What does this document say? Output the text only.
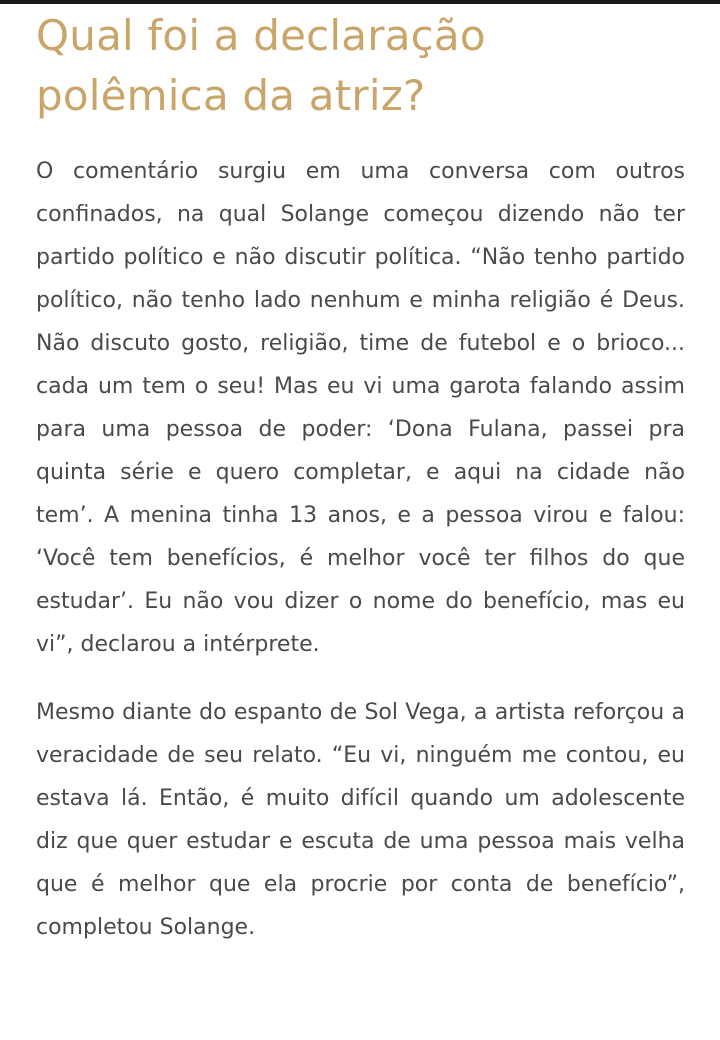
Qual foi a declaração polêmica da atriz?

O comentário surgiu em uma conversa com outros confinados, na qual Solange começou dizendo não ter partido político e não discutir política. “Não tenho partido político, não tenho lado nenhum e minha religião é Deus. Não discuto gosto, religião, time de futebol e o brioco... cada um tem o seu! Mas eu vi uma garota falando assim para uma pessoa de poder: ‘Dona Fulana, passei pra quinta série e quero completar, e aqui na cidade não tem’. A menina tinha 13 anos, e a pessoa virou e falou: ‘Você tem benefícios, é melhor você ter filhos do que estudar’. Eu não vou dizer o nome do benefício, mas eu vi”, declarou a intérprete.

Mesmo diante do espanto de Sol Vega, a artista reforçou a veracidade de seu relato. “Eu vi, ninguém me contou, eu estava lá. Então, é muito difícil quando um adolescente diz que quer estudar e escuta de uma pessoa mais velha que é melhor que ela procrie por conta de benefício”, completou Solange.
